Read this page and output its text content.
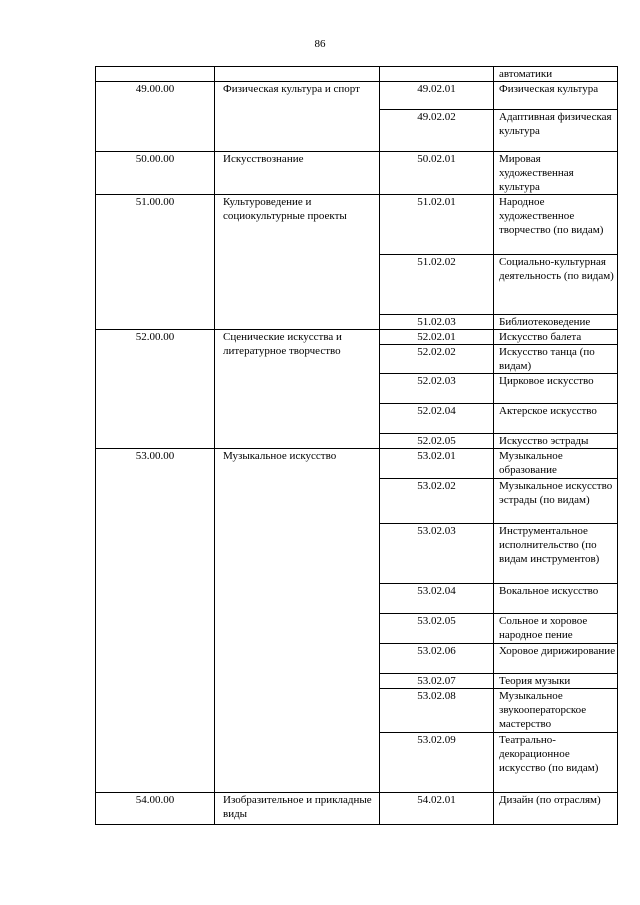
86
			автоматики
49.00.00	Физическая культура и спорт	49.02.01	Физическая культура
		49.02.02	Адаптивная физическая культура
50.00.00	Искусствознание	50.02.01	Мировая художественная культура
51.00.00	Культуроведение и социокультурные проекты	51.02.01	Народное художественное творчество (по видам)
		51.02.02	Социально-культурная деятельность (по видам)
		51.02.03	Библиотековедение
52.00.00	Сценические искусства и литературное творчество	52.02.01	Искусство балета
		52.02.02	Искусство танца (по видам)
		52.02.03	Цирковое искусство
		52.02.04	Актерское искусство
		52.02.05	Искусство эстрады
53.00.00	Музыкальное искусство	53.02.01	Музыкальное образование
		53.02.02	Музыкальное искусство эстрады (по видам)
		53.02.03	Инструментальное исполнительство (по видам инструментов)
		53.02.04	Вокальное искусство
		53.02.05	Сольное и хоровое народное пение
		53.02.06	Хоровое дирижирование
		53.02.07	Теория музыки
		53.02.08	Музыкальное звукооператорское мастерство
		53.02.09	Театрально-декорационное искусство (по видам)
54.00.00	Изобразительное и прикладные виды	54.02.01	Дизайн (по отраслям)
